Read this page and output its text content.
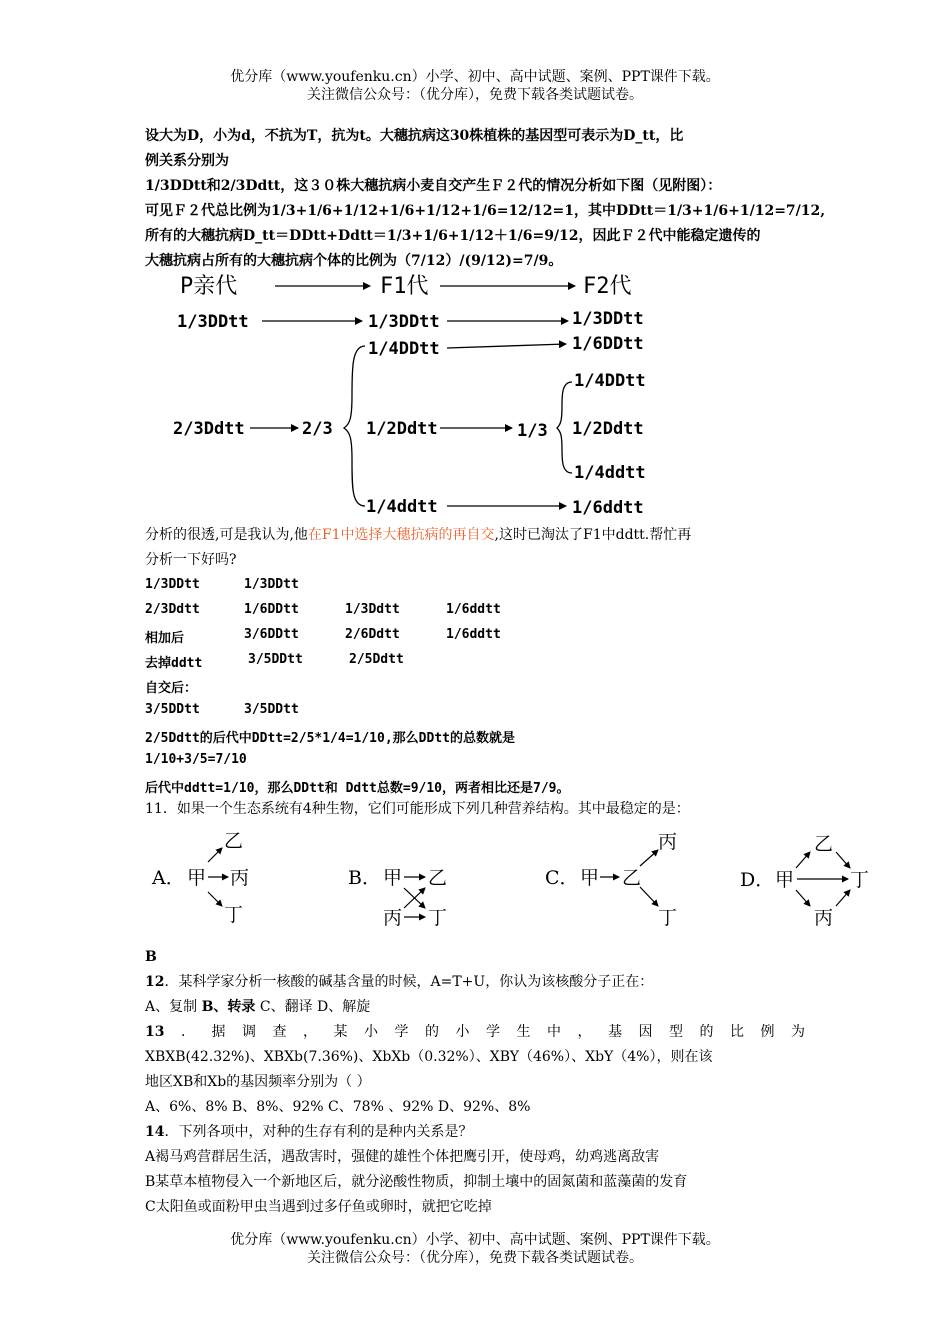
优分库（www.youfenku.cn）小学、初中、高中试题、案例、PPT课件下载。
关注微信公众号：（优分库），免费下载各类试题试卷。
设大为D，小为d，不抗为T，抗为t。大穗抗病这30株植株的基因型可表示为D_tt，比
例关系分别为
1/3DDtt和2/3Ddtt，这３０株大穗抗病小麦自交产生Ｆ２代的情况分析如下图（见附图）：
可见Ｆ２代总比例为1/3+1/6+1/12+1/6+1/12+1/6=12/12=1，其中DDtt＝1/3+1/6+1/12=7/12,
所有的大穗抗病D_tt＝DDtt+Ddtt＝1/3+1/6+1/12＋1/6=9/12，因此Ｆ２代中能稳定遗传的
大穗抗病占所有的大穗抗病个体的比例为（7/12）/(9/12)=7/9。
P亲代	F1代	F2代
1/3DDtt
2/3Ddtt
1/3DDtt
1/4DDtt
2/3 1/2Ddtt	1/3
1/4ddtt
1/3DDtt
1/6DDtt
1/4DDtt
1/2Ddtt
1/4ddtt
1/6ddtt
分析的很透,可是我认为,他在F1中选择大穗抗病的再自交,这时已淘汰了F1中ddtt.帮忙再
分析一下好吗?
1/3DDtt	1/3DDtt
2/3Ddtt	1/6DDtt	1/3Ddtt	1/6ddtt
相加后	3/6DDtt	2/6Ddtt	1/6ddtt
去掉ddtt	3/5DDtt	2/5Ddtt
自交后：
3/5DDtt	3/5DDtt
2/5Ddtt的后代中DDtt=2/5*1/4=1/10,那么DDtt的总数就是
1/10+3/5=7/10
后代中ddtt=1/10，那么DDtt和 Ddtt总数=9/10，两者相比还是7/9。
11．如果一个生态系统有4种生物，它们可能形成下列几种营养结构。其中最稳定的是：
A． 甲
乙
丙
丁
B． 甲 乙
丙 丁
C． 甲 乙
丙
丁
D． 甲
乙
丙
丁
B
12．某科学家分析一核酸的碱基含量的时候，A=T+U，你认为该核酸分子正在：
A、复制 B、转录 C、翻译 D、解旋
13．据调查，某小学的小学生中，基因型的比例为
XBXB(42.32%)、XBXb(7.36%)、XbXb（0.32%）、XBY（46%）、XbY（4%），则在该
地区XB和Xb的基因频率分别为（ ）
A、6%、8% B、8%、92% C、78% 、92% D、92%、8%
14．下列各项中，对种的生存有利的是种内关系是？
A褐马鸡营群居生活，遇敌害时，强健的雄性个体把鹰引开，使母鸡，幼鸡逃离敌害
B某草本植物侵入一个新地区后，就分泌酸性物质，抑制土壤中的固氮菌和蓝藻菌的发育
C太阳鱼或面粉甲虫当遇到过多仔鱼或卵时，就把它吃掉
优分库（www.youfenku.cn）小学、初中、高中试题、案例、PPT课件下载。
关注微信公众号：（优分库），免费下载各类试题试卷。
